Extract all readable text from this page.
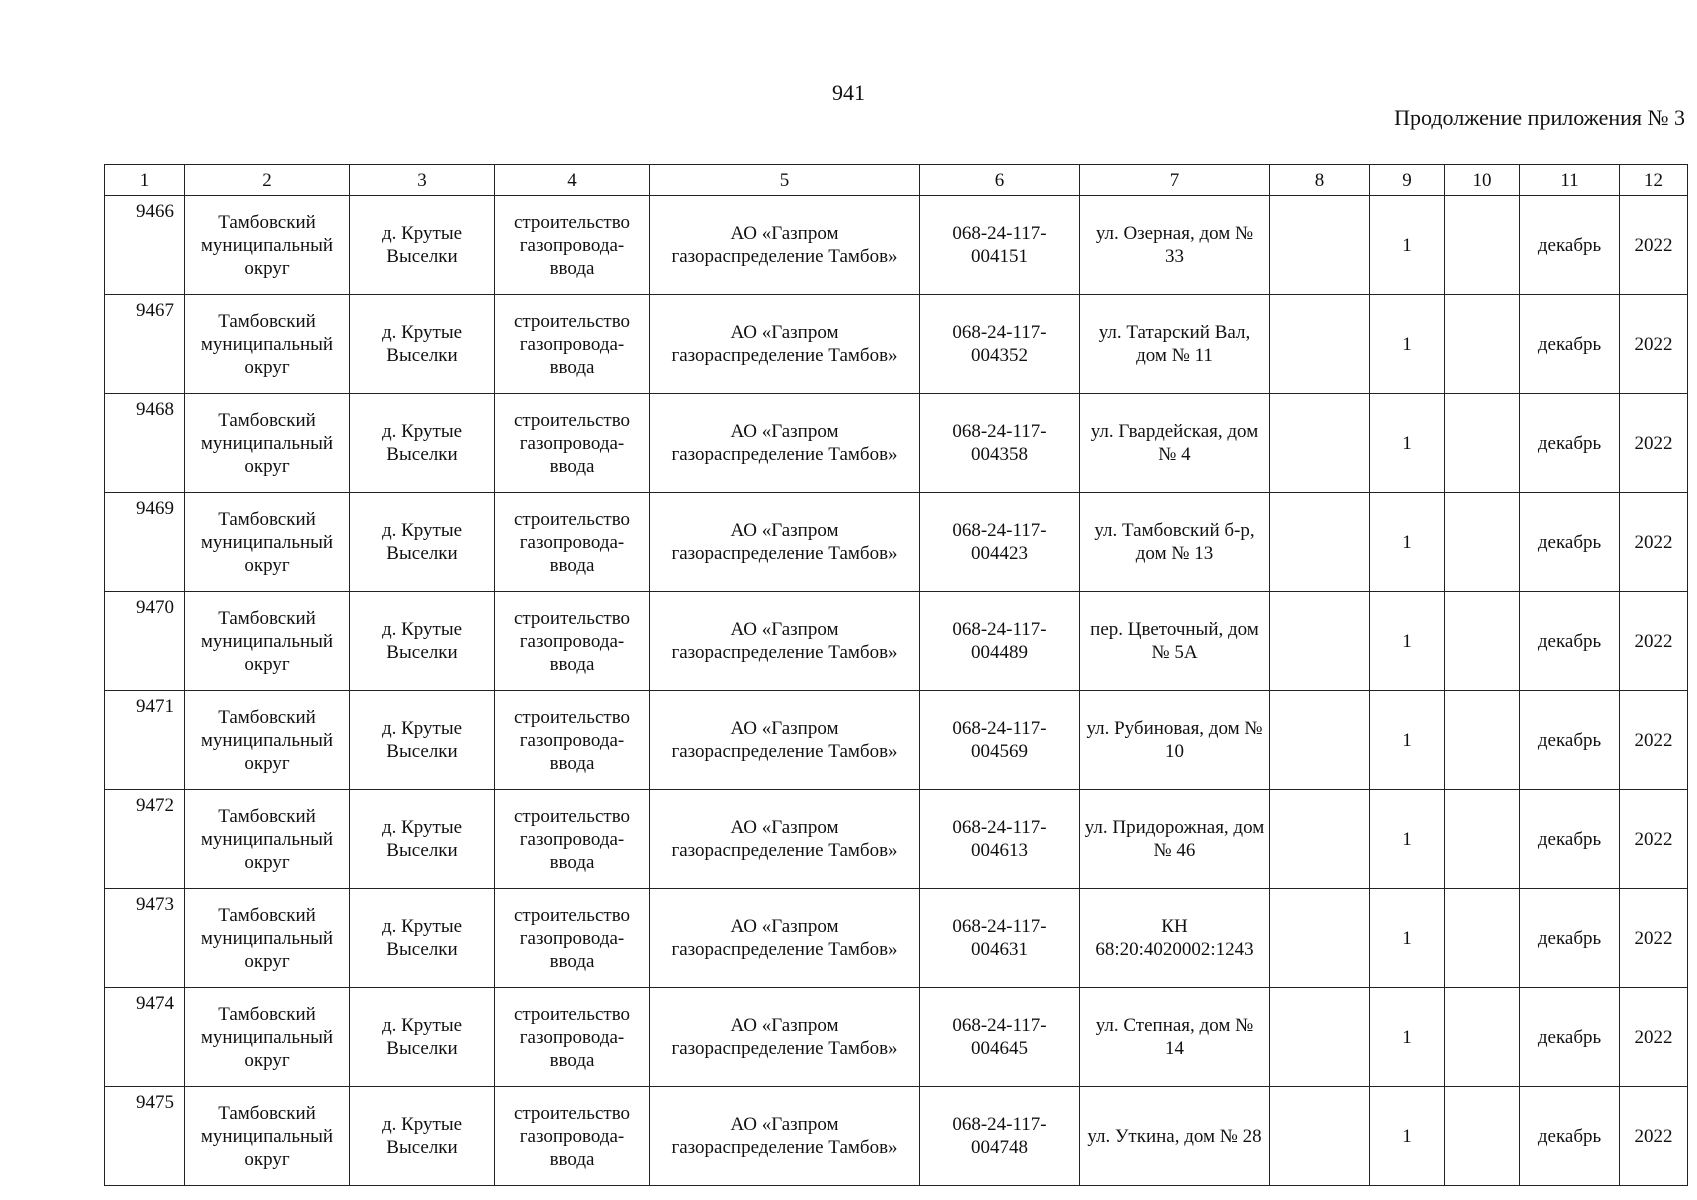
941
Продолжение приложения № 3
1	2	3	4	5	6	7	8	9	10	11	12
9466	Тамбовский муниципальный округ	д. Крутые Выселки	строительство газопровода-ввода	АО «Газпром газораспределение Тамбов»	068-24-117-004151	ул. Озерная, дом № 33		1		декабрь	2022
9467	Тамбовский муниципальный округ	д. Крутые Выселки	строительство газопровода-ввода	АО «Газпром газораспределение Тамбов»	068-24-117-004352	ул. Татарский Вал, дом № 11		1		декабрь	2022
9468	Тамбовский муниципальный округ	д. Крутые Выселки	строительство газопровода-ввода	АО «Газпром газораспределение Тамбов»	068-24-117-004358	ул. Гвардейская, дом № 4		1		декабрь	2022
9469	Тамбовский муниципальный округ	д. Крутые Выселки	строительство газопровода-ввода	АО «Газпром газораспределение Тамбов»	068-24-117-004423	ул. Тамбовский б-р, дом № 13		1		декабрь	2022
9470	Тамбовский муниципальный округ	д. Крутые Выселки	строительство газопровода-ввода	АО «Газпром газораспределение Тамбов»	068-24-117-004489	пер. Цветочный, дом № 5А		1		декабрь	2022
9471	Тамбовский муниципальный округ	д. Крутые Выселки	строительство газопровода-ввода	АО «Газпром газораспределение Тамбов»	068-24-117-004569	ул. Рубиновая, дом № 10		1		декабрь	2022
9472	Тамбовский муниципальный округ	д. Крутые Выселки	строительство газопровода-ввода	АО «Газпром газораспределение Тамбов»	068-24-117-004613	ул. Придорожная, дом № 46		1		декабрь	2022
9473	Тамбовский муниципальный округ	д. Крутые Выселки	строительство газопровода-ввода	АО «Газпром газораспределение Тамбов»	068-24-117-004631	КН 68:20:4020002:1243		1		декабрь	2022
9474	Тамбовский муниципальный округ	д. Крутые Выселки	строительство газопровода-ввода	АО «Газпром газораспределение Тамбов»	068-24-117-004645	ул. Степная, дом № 14		1		декабрь	2022
9475	Тамбовский муниципальный округ	д. Крутые Выселки	строительство газопровода-ввода	АО «Газпром газораспределение Тамбов»	068-24-117-004748	ул. Уткина, дом № 28		1		декабрь	2022
